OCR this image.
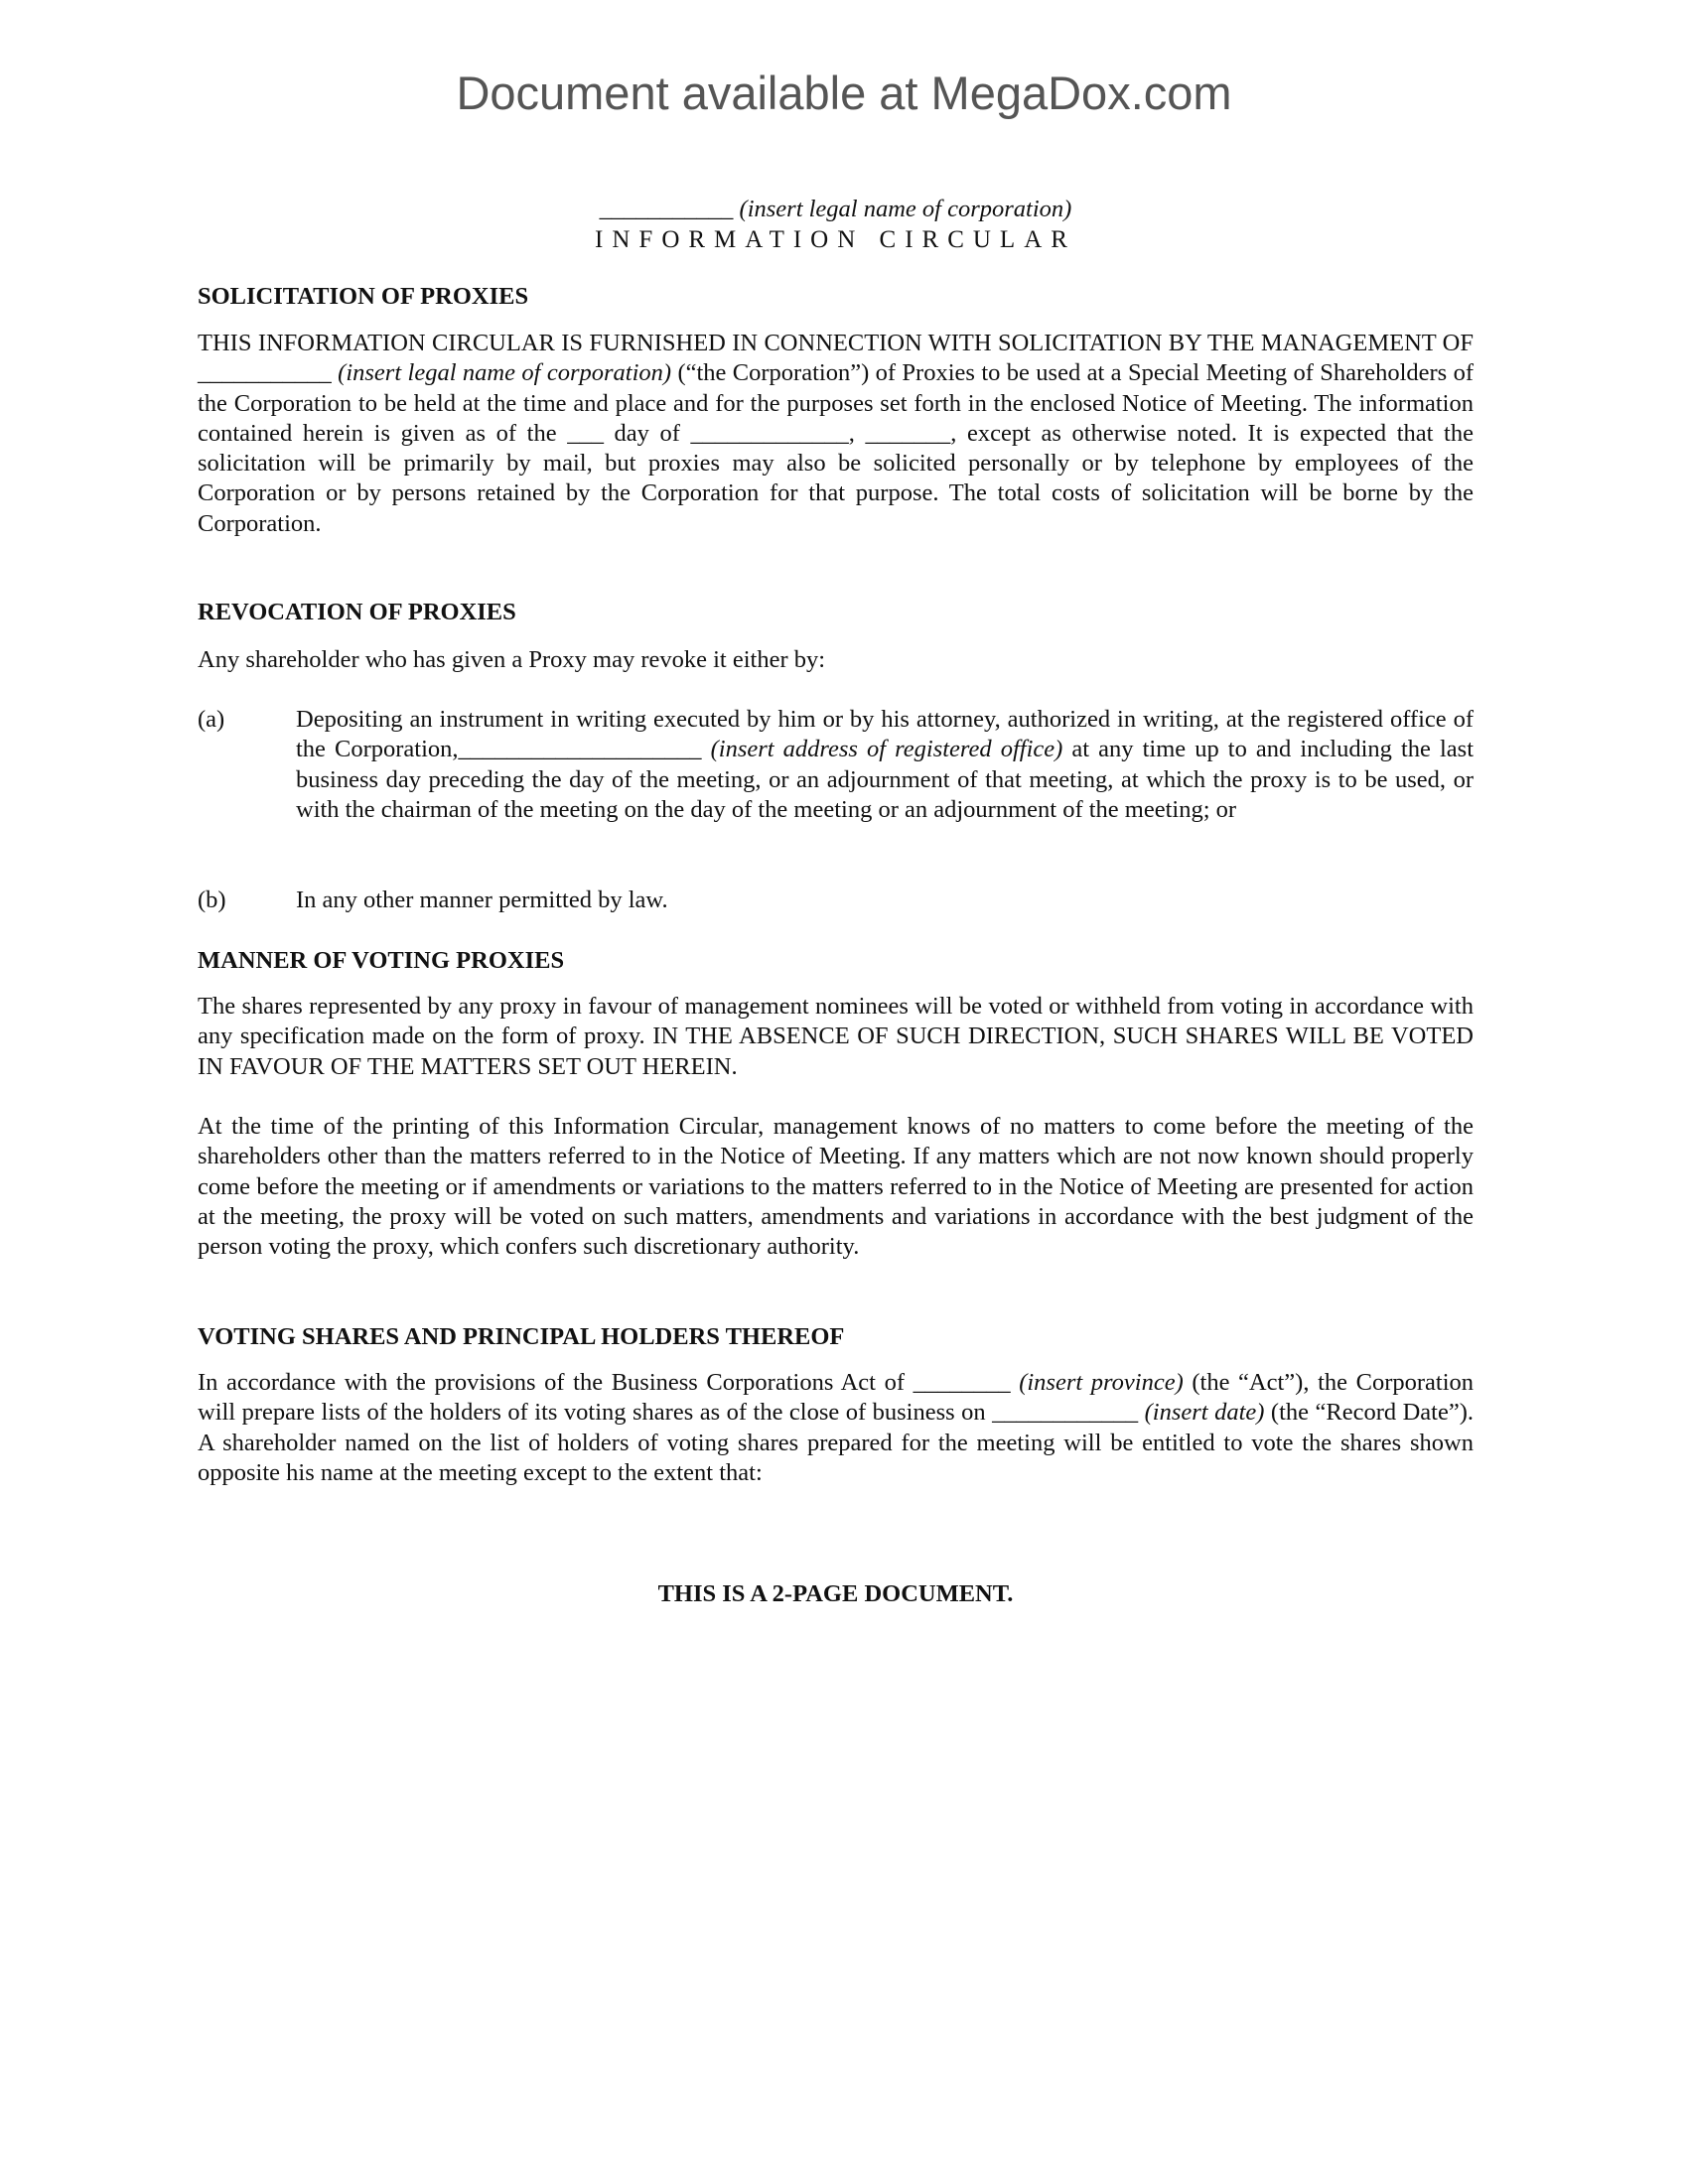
Document available at MegaDox.com
___________ (insert legal name of corporation)
INFORMATION CIRCULAR
SOLICITATION OF PROXIES
THIS INFORMATION CIRCULAR IS FURNISHED IN CONNECTION WITH SOLICITATION BY THE MANAGEMENT OF ___________ (insert legal name of corporation) (“the Corporation”) of Proxies to be used at a Special Meeting of Shareholders of the Corporation to be held at the time and place and for the purposes set forth in the enclosed Notice of Meeting. The information contained herein is given as of the ___ day of _____________, _______, except as otherwise noted. It is expected that the solicitation will be primarily by mail, but proxies may also be solicited personally or by telephone by employees of the Corporation or by persons retained by the Corporation for that purpose. The total costs of solicitation will be borne by the Corporation.
REVOCATION OF PROXIES
Any shareholder who has given a Proxy may revoke it either by:
(a)	Depositing an instrument in writing executed by him or by his attorney, authorized in writing, at the registered office of the Corporation,____________________ (insert address of registered office) at any time up to and including the last business day preceding the day of the meeting, or an adjournment of that meeting, at which the proxy is to be used, or with the chairman of the meeting on the day of the meeting or an adjournment of the meeting; or
(b)	In any other manner permitted by law.
MANNER OF VOTING PROXIES
The shares represented by any proxy in favour of management nominees will be voted or withheld from voting in accordance with any specification made on the form of proxy. IN THE ABSENCE OF SUCH DIRECTION, SUCH SHARES WILL BE VOTED IN FAVOUR OF THE MATTERS SET OUT HEREIN.
At the time of the printing of this Information Circular, management knows of no matters to come before the meeting of the shareholders other than the matters referred to in the Notice of Meeting. If any matters which are not now known should properly come before the meeting or if amendments or variations to the matters referred to in the Notice of Meeting are presented for action at the meeting, the proxy will be voted on such matters, amendments and variations in accordance with the best judgment of the person voting the proxy, which confers such discretionary authority.
VOTING SHARES AND PRINCIPAL HOLDERS THEREOF
In accordance with the provisions of the Business Corporations Act of ________ (insert province) (the “Act”), the Corporation will prepare lists of the holders of its voting shares as of the close of business on ____________ (insert date) (the “Record Date”). A shareholder named on the list of holders of voting shares prepared for the meeting will be entitled to vote the shares shown opposite his name at the meeting except to the extent that:
THIS IS A 2-PAGE DOCUMENT.
